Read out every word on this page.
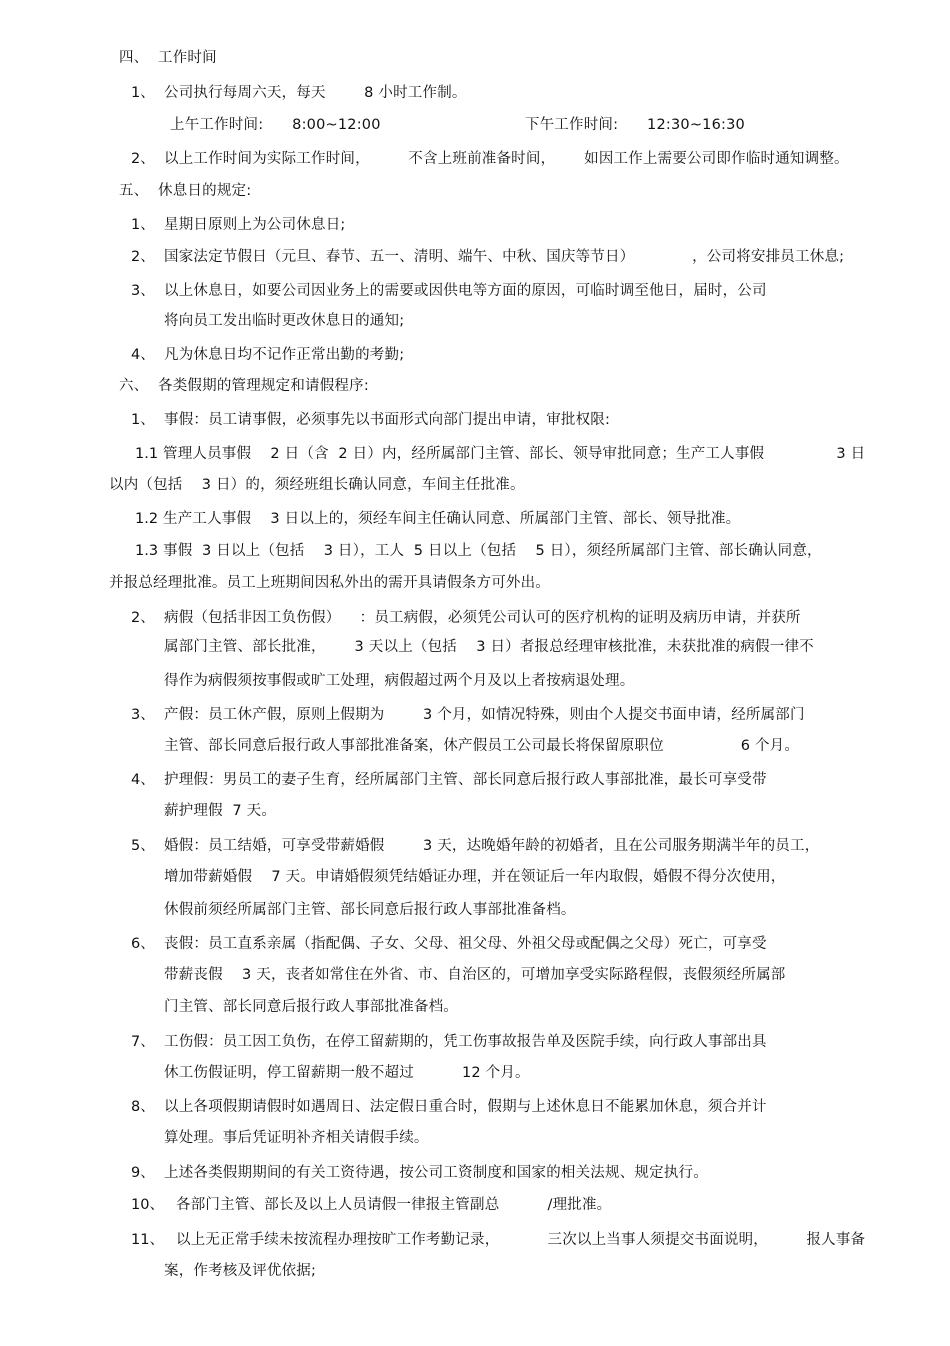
四、  工作时间
1、 公司执行每周六天，每天        8 小时工作制。
上午工作时间:      8:00~12:00                              下午工作时间:      12:30~16:30
2、 以上工作时间为实际工作时间，        不含上班前准备时间，      如因工作上需要公司即作临时通知调整。
五、  休息日的规定:
1、 星期日原则上为公司休息日;
2、 国家法定节假日（元旦、春节、五一、清明、端午、中秋、国庆等节日）            ，公司将安排员工休息;
3、 以上休息日，如要公司因业务上的需要或因供电等方面的原因，可临时调至他日，届时，公司
将向员工发出临时更改休息日的通知;
4、 凡为休息日均不记作正常出勤的考勤;
六、  各类假期的管理规定和请假程序:
1、 事假：员工请事假，必须事先以书面形式向部门提出申请，审批权限:
1.1 管理人员事假    2 日（含  2 日）内，经所属部门主管、部长、领导审批同意；生产工人事假               3 日
以内（包括    3 日）的，须经班组长确认同意，车间主任批准。
1.2 生产工人事假    3 日以上的，须经车间主任确认同意、所属部门主管、部长、领导批准。
1.3 事假  3 日以上（包括    3 日），工人  5 日以上（包括    5 日），须经所属部门主管、部长确认同意，
并报总经理批准。员工上班期间因私外出的需开具请假条方可外出。
2、 病假（包括非因工负伤假）    ：员工病假，必须凭公司认可的医疗机构的证明及病历申请，并获所
属部门主管、部长批准，      3 天以上（包括    3 日）者报总经理审核批准，未获批准的病假一律不
得作为病假须按事假或旷工处理，病假超过两个月及以上者按病退处理。
3、 产假：员工休产假，原则上假期为        3 个月，如情况特殊，则由个人提交书面申请，经所属部门
主管、部长同意后报行政人事部批准备案，休产假员工公司最长将保留原职位                6 个月。
4、 护理假：男员工的妻子生育，经所属部门主管、部长同意后报行政人事部批准，最长可享受带
薪护理假  7 天。
5、 婚假：员工结婚，可享受带薪婚假        3 天，达晚婚年龄的初婚者，且在公司服务期满半年的员工，
增加带薪婚假    7 天。申请婚假须凭结婚证办理，并在领证后一年内取假，婚假不得分次使用，
休假前须经所属部门主管、部长同意后报行政人事部批准备档。
6、 丧假：员工直系亲属（指配偶、子女、父母、祖父母、外祖父母或配偶之父母）死亡，可享受
带薪丧假    3 天，丧者如常住在外省、市、自治区的，可增加享受实际路程假，丧假须经所属部
门主管、部长同意后报行政人事部批准备档。
7、 工伤假：员工因工负伤，在停工留薪期的，凭工伤事故报告单及医院手续，向行政人事部出具
休工伤假证明，停工留薪期一般不超过          12 个月。
8、 以上各项假期请假时如遇周日、法定假日重合时，假期与上述休息日不能累加休息，须合并计
算处理。事后凭证明补齐相关请假手续。
9、 上述各类假期期间的有关工资待遇，按公司工资制度和国家的相关法规、规定执行。
10、 各部门主管、部长及以上人员请假一律报主管副总          /理批准。
11、 以上无正常手续未按流程办理按旷工作考勤记录，          三次以上当事人须提交书面说明，        报人事备
案，作考核及评优依据;
